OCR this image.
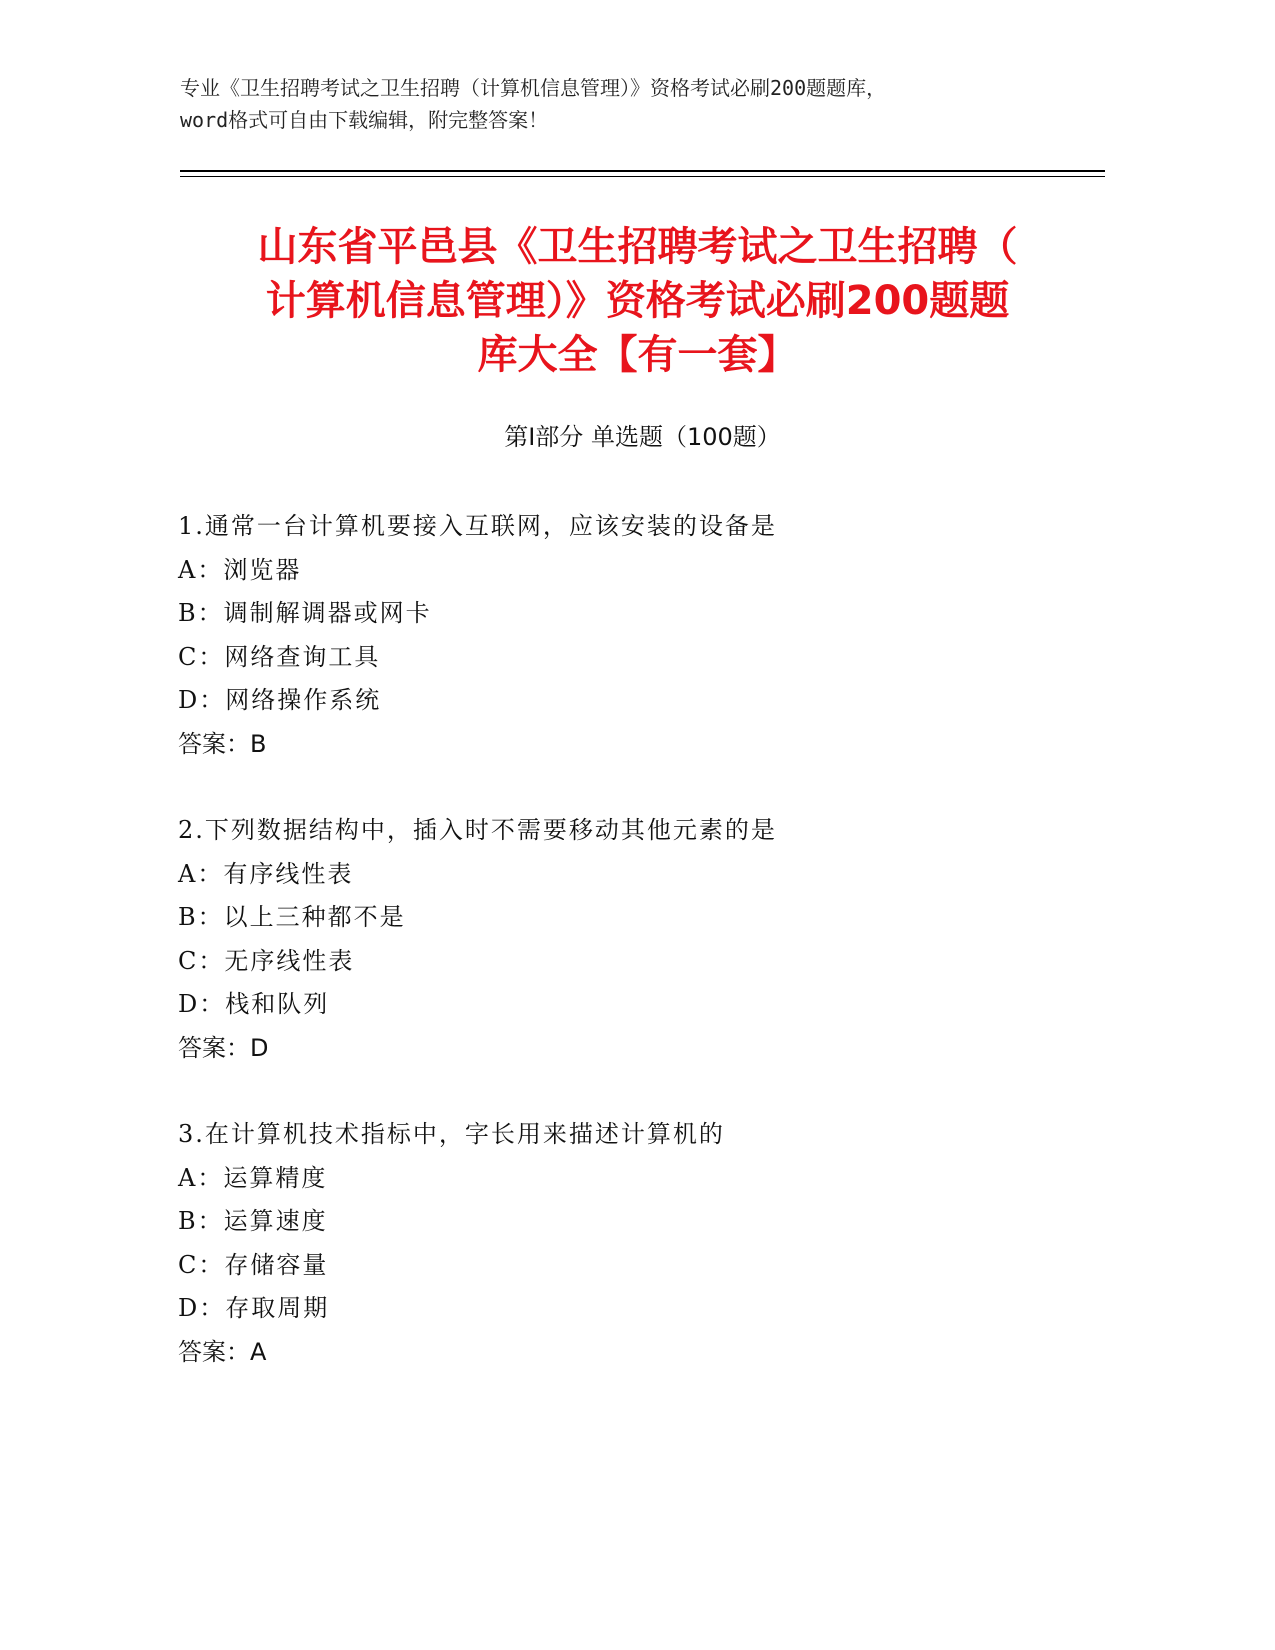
专业《卫生招聘考试之卫生招聘（计算机信息管理）》资格考试必刷200题题库，
word格式可自由下载编辑，附完整答案！
山东省平邑县《卫生招聘考试之卫生招聘（
计算机信息管理）》资格考试必刷200题题
库大全【有一套】
第Ⅰ部分 单选题（100题）
1.通常一台计算机要接入互联网，应该安装的设备是
A：浏览器
B：调制解调器或网卡
C：网络查询工具
D：网络操作系统
答案：B
2.下列数据结构中，插入时不需要移动其他元素的是
A：有序线性表
B：以上三种都不是
C：无序线性表
D：栈和队列
答案：D
3.在计算机技术指标中，字长用来描述计算机的
A：运算精度
B：运算速度
C：存储容量
D：存取周期
答案：A
